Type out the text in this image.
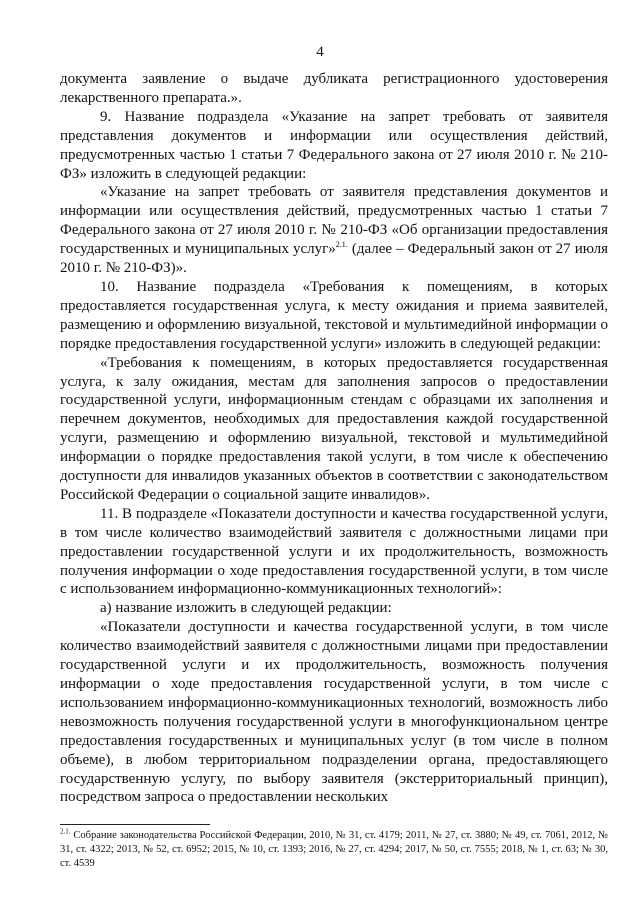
4

документа заявление о выдаче дубликата регистрационного удостоверения лекарственного препарата.».

9. Название подраздела «Указание на запрет требовать от заявителя представления документов и информации или осуществления действий, предусмотренных частью 1 статьи 7 Федерального закона от 27 июля 2010 г. № 210-ФЗ» изложить в следующей редакции:

«Указание на запрет требовать от заявителя представления документов и информации или осуществления действий, предусмотренных частью 1 статьи 7 Федерального закона от 27 июля 2010 г. № 210-ФЗ «Об организации предоставления государственных и муниципальных услуг»$^{2.1.}$ (далее – Федеральный закон от 27 июля 2010 г. № 210-ФЗ)».

10. Название подраздела «Требования к помещениям, в которых предоставляется государственная услуга, к месту ожидания и приема заявителей, размещению и оформлению визуальной, текстовой и мультимедийной информации о порядке предоставления государственной услуги» изложить в следующей редакции:

«Требования к помещениям, в которых предоставляется государственная услуга, к залу ожидания, местам для заполнения запросов о предоставлении государственной услуги, информационным стендам с образцами их заполнения и перечнем документов, необходимых для предоставления каждой государственной услуги, размещению и оформлению визуальной, текстовой и мультимедийной информации о порядке предоставления такой услуги, в том числе к обеспечению доступности для инвалидов указанных объектов в соответствии с законодательством Российской Федерации о социальной защите инвалидов».

11. В подразделе «Показатели доступности и качества государственной услуги, в том числе количество взаимодействий заявителя с должностными лицами при предоставлении государственной услуги и их продолжительность, возможность получения информации о ходе предоставления государственной услуги, в том числе с использованием информационно-коммуникационных технологий»:

а) название изложить в следующей редакции:

«Показатели доступности и качества государственной услуги, в том числе количество взаимодействий заявителя с должностными лицами при предоставлении государственной услуги и их продолжительность, возможность получения информации о ходе предоставления государственной услуги, в том числе с использованием информационно-коммуникационных технологий, возможность либо невозможность получения государственной услуги в многофункциональном центре предоставления государственных и муниципальных услуг (в том числе в полном объеме), в любом территориальном подразделении органа, предоставляющего государственную услугу, по выбору заявителя (экстерриториальный принцип), посредством запроса о предоставлении нескольких

$^{2.1.}$ Собрание законодательства Российской Федерации, 2010, № 31, ст. 4179; 2011, № 27, ст. 3880; № 49, ст. 7061, 2012, № 31, ст. 4322; 2013, № 52, ст. 6952; 2015, № 10, ст. 1393; 2016, № 27, ст. 4294; 2017, № 50, ст. 7555; 2018, № 1, ст. 63; № 30, ст. 4539
